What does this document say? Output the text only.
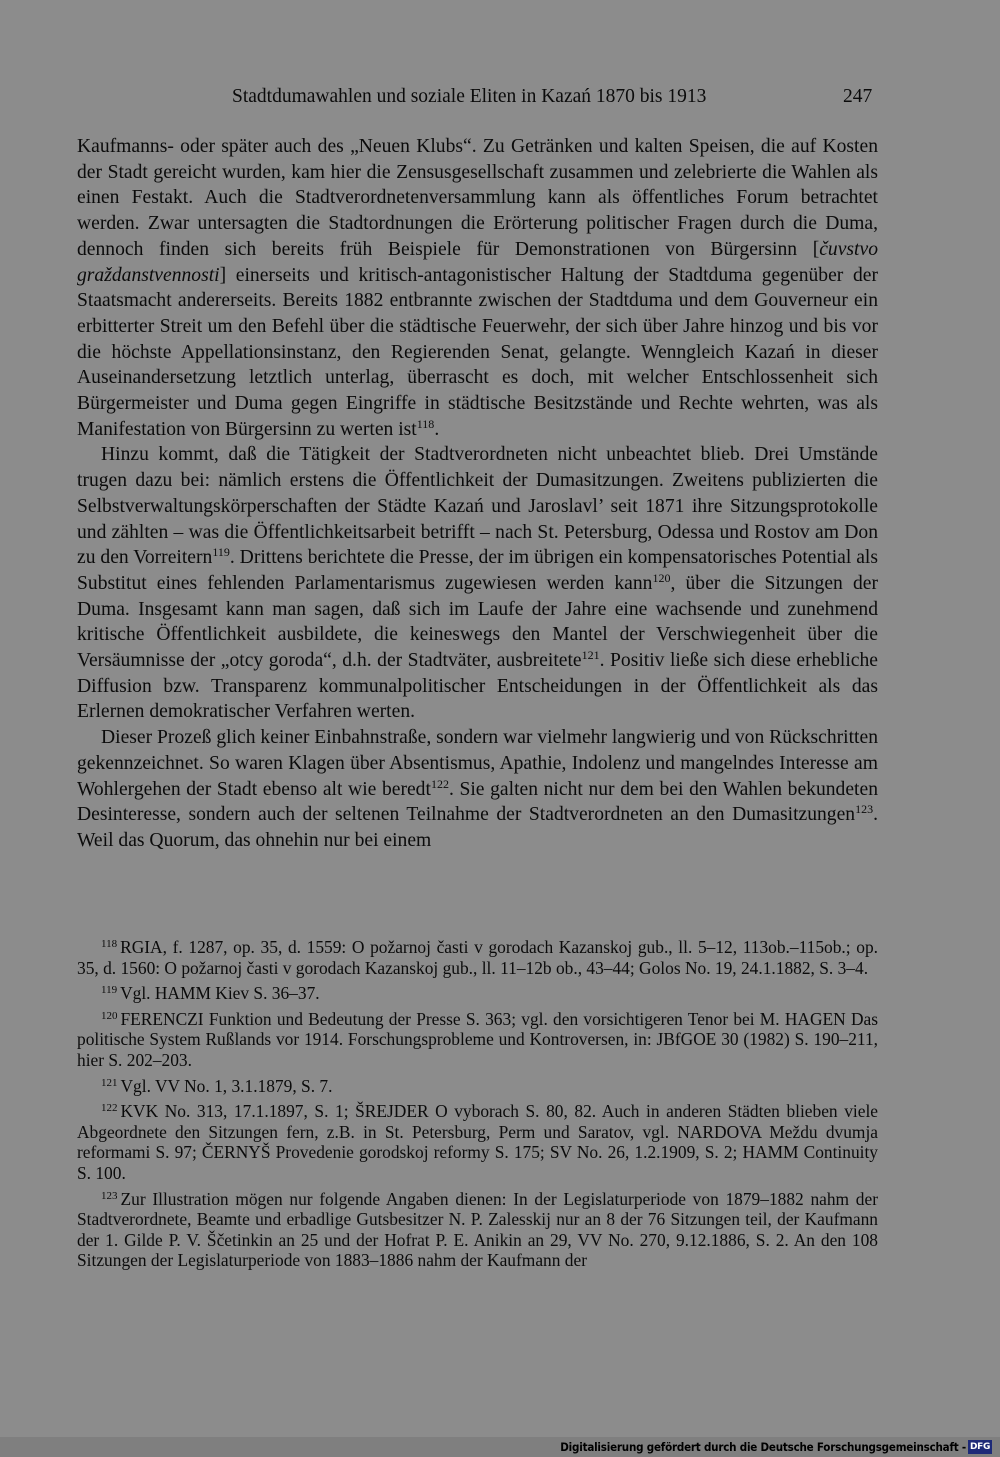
Stadtdumawahlen und soziale Eliten in Kazań 1870 bis 1913	247

Kaufmanns- oder später auch des „Neuen Klubs“. Zu Getränken und kalten Speisen, die auf Kosten der Stadt gereicht wurden, kam hier die Zensusgesellschaft zusammen und zelebrierte die Wahlen als einen Festakt. Auch die Stadtverordnetenversammlung kann als öffentliches Forum betrachtet werden. Zwar untersagten die Stadtordnungen die Erörterung politischer Fragen durch die Duma, dennoch finden sich bereits früh Beispiele für Demonstrationen von Bürgersinn [čuvstvo graždanstvennosti] einerseits und kritisch-antagonistischer Haltung der Stadtduma gegenüber der Staatsmacht andererseits. Bereits 1882 entbrannte zwischen der Stadtduma und dem Gouverneur ein erbitterter Streit um den Befehl über die städtische Feuerwehr, der sich über Jahre hinzog und bis vor die höchste Appellationsinstanz, den Regierenden Senat, gelangte. Wenngleich Kazań in dieser Auseinandersetzung letztlich unterlag, überrascht es doch, mit welcher Entschlossenheit sich Bürgermeister und Duma gegen Eingriffe in städtische Besitzstände und Rechte wehrten, was als Manifestation von Bürgersinn zu werten ist$^{118}$.

Hinzu kommt, daß die Tätigkeit der Stadtverordneten nicht unbeachtet blieb. Drei Umstände trugen dazu bei: nämlich erstens die Öffentlichkeit der Dumasitzungen. Zweitens publizierten die Selbstverwaltungskörperschaften der Städte Kazań und Jaroslavl’ seit 1871 ihre Sitzungsprotokolle und zählten – was die Öffentlichkeitsarbeit betrifft – nach St. Petersburg, Odessa und Rostov am Don zu den Vorreitern$^{119}$. Drittens berichtete die Presse, der im übrigen ein kompensatorisches Potential als Substitut eines fehlenden Parlamentarismus zugewiesen werden kann$^{120}$, über die Sitzungen der Duma. Insgesamt kann man sagen, daß sich im Laufe der Jahre eine wachsende und zunehmend kritische Öffentlichkeit ausbildete, die keineswegs den Mantel der Verschwiegenheit über die Versäumnisse der „otcy goroda“, d.h. der Stadtväter, ausbreitete$^{121}$. Positiv ließe sich diese erhebliche Diffusion bzw. Transparenz kommunalpolitischer Entscheidungen in der Öffentlichkeit als das Erlernen demokratischer Verfahren werten.

Dieser Prozeß glich keiner Einbahnstraße, sondern war vielmehr langwierig und von Rückschritten gekennzeichnet. So waren Klagen über Absentismus, Apathie, Indolenz und mangelndes Interesse am Wohlergehen der Stadt ebenso alt wie beredt$^{122}$. Sie galten nicht nur dem bei den Wahlen bekundeten Desinteresse, sondern auch der seltenen Teilnahme der Stadtverordneten an den Dumasitzungen$^{123}$. Weil das Quorum, das ohnehin nur bei einem

$^{118}$ RGIA, f. 1287, op. 35, d. 1559: O požarnoj časti v gorodach Kazanskoj gub., ll. 5–12, 113ob.–115ob.; op. 35, d. 1560: O požarnoj časti v gorodach Kazanskoj gub., ll. 11–12b ob., 43–44; Golos No. 19, 24.1.1882, S. 3–4.

$^{119}$ Vgl. HAMM Kiev S. 36–37.

$^{120}$ FERENCZI Funktion und Bedeutung der Presse S. 363; vgl. den vorsichtigeren Tenor bei M. HAGEN Das politische System Rußlands vor 1914. Forschungsprobleme und Kontroversen, in: JBfGOE 30 (1982) S. 190–211, hier S. 202–203.

$^{121}$ Vgl. VV No. 1, 3.1.1879, S. 7.

$^{122}$ KVK No. 313, 17.1.1897, S. 1; ŠREJDER O vyborach S. 80, 82. Auch in anderen Städten blieben viele Abgeordnete den Sitzungen fern, z.B. in St. Petersburg, Perm und Saratov, vgl. NARDOVA Meždu dvumja reformami S. 97; ČERNYŠ Provedenie gorodskoj reformy S. 175; SV No. 26, 1.2.1909, S. 2; HAMM Continuity S. 100.

$^{123}$ Zur Illustration mögen nur folgende Angaben dienen: In der Legislaturperiode von 1879–1882 nahm der Stadtverordnete, Beamte und erbadlige Gutsbesitzer N. P. Zalesskij nur an 8 der 76 Sitzungen teil, der Kaufmann der 1. Gilde P. V. Ščetinkin an 25 und der Hofrat P. E. Anikin an 29, VV No. 270, 9.12.1886, S. 2. An den 108 Sitzungen der Legislaturperiode von 1883–1886 nahm der Kaufmann der

Digitalisierung gefördert durch die Deutsche Forschungsgemeinschaft - DFG
